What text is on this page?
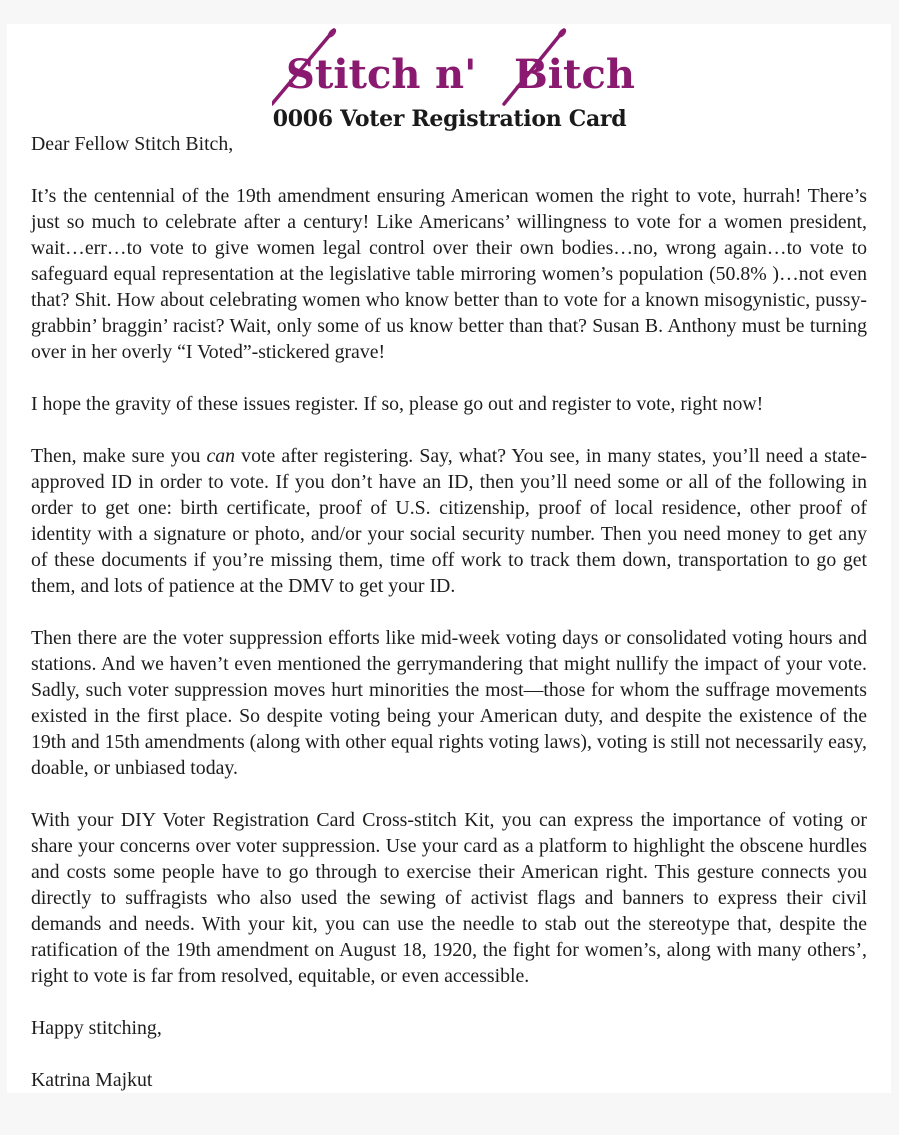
Stitch n' Bitch
0006 Voter Registration Card

Dear Fellow Stitch Bitch,

It’s the centennial of the 19th amendment ensuring American women the right to vote, hurrah! There’s just so much to celebrate after a century! Like Americans’ willingness to vote for a women president, wait…err…to vote to give women legal control over their own bodies…no, wrong again…to vote to safeguard equal representation at the legislative table mirroring women’s population (50.8% )…not even that? Shit. How about celebrating women who know better than to vote for a known misogynistic, pussy-grabbin’ braggin’ racist? Wait, only some of us know better than that? Susan B. Anthony must be turning over in her overly “I Voted”-stickered grave!

I hope the gravity of these issues register. If so, please go out and register to vote, right now!

Then, make sure you can vote after registering. Say, what? You see, in many states, you’ll need a state-approved ID in order to vote. If you don’t have an ID, then you’ll need some or all of the following in order to get one: birth certificate, proof of U.S. citizenship, proof of local residence, other proof of identity with a signature or photo, and/or your social security number. Then you need money to get any of these documents if you’re missing them, time off work to track them down, transportation to go get them, and lots of patience at the DMV to get your ID.

Then there are the voter suppression efforts like mid-week voting days or consolidated voting hours and stations. And we haven’t even mentioned the gerrymandering that might nullify the impact of your vote. Sadly, such voter suppression moves hurt minorities the most—those for whom the suffrage movements existed in the first place. So despite voting being your American duty, and despite the existence of the 19th and 15th amendments (along with other equal rights voting laws), voting is still not necessarily easy, doable, or unbiased today.

With your DIY Voter Registration Card Cross-stitch Kit, you can express the importance of voting or share your concerns over voter suppression. Use your card as a platform to highlight the obscene hurdles and costs some people have to go through to exercise their American right. This gesture connects you directly to suffragists who also used the sewing of activist flags and banners to express their civil demands and needs. With your kit, you can use the needle to stab out the stereotype that, despite the ratification of the 19th amendment on August 18, 1920, the fight for women’s, along with many others’, right to vote is far from resolved, equitable, or even accessible.

Happy stitching,

Katrina Majkut
